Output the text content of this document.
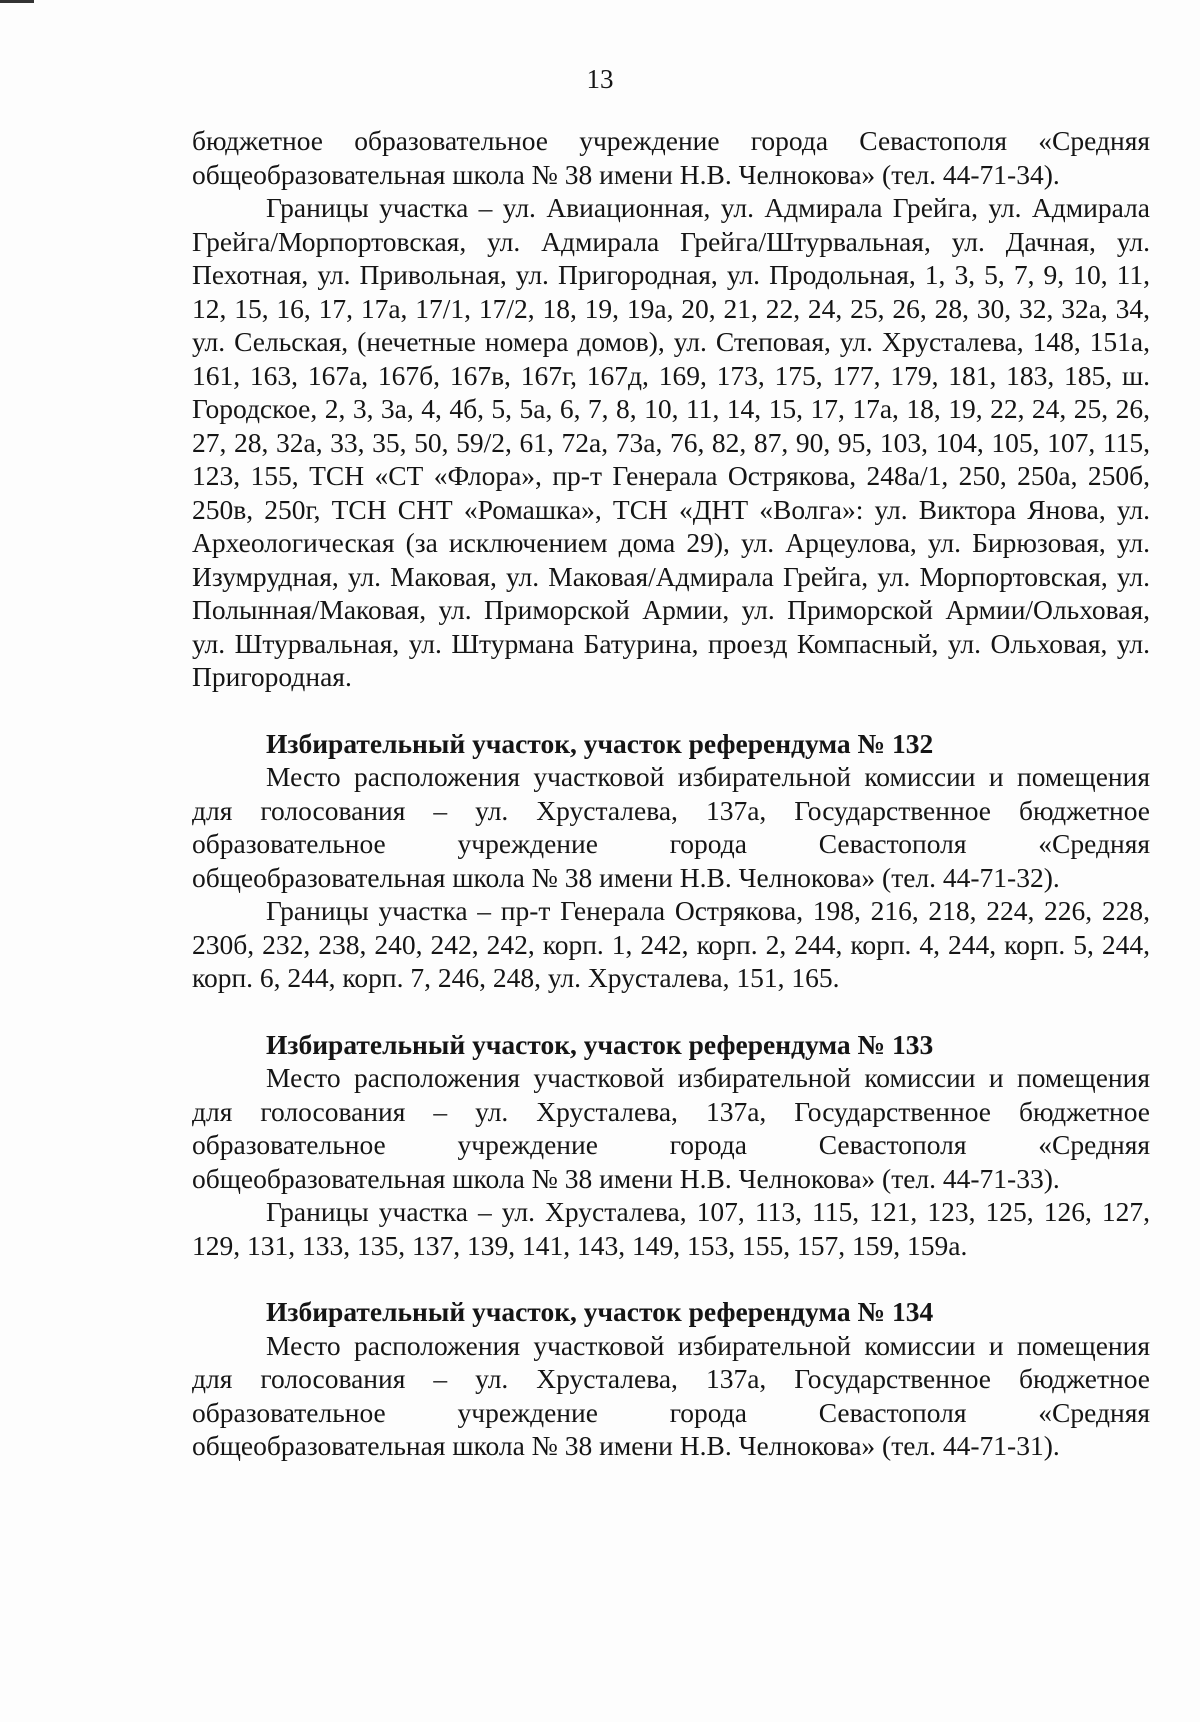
13

бюджетное образовательное учреждение города Севастополя «Средняя общеобразовательная школа № 38 имени Н.В. Челнокова» (тел. 44-71-34).

Границы участка – ул. Авиационная, ул. Адмирала Грейга, ул. Адмирала Грейга/Морпортовская, ул. Адмирала Грейга/Штурвальная, ул. Дачная, ул. Пехотная, ул. Привольная, ул. Пригородная, ул. Продольная, 1, 3, 5, 7, 9, 10, 11, 12, 15, 16, 17, 17а, 17/1, 17/2, 18, 19, 19а, 20, 21, 22, 24, 25, 26, 28, 30, 32, 32а, 34, ул. Сельская, (нечетные номера домов), ул. Степовая, ул. Хрусталева, 148, 151а, 161, 163, 167а, 167б, 167в, 167г, 167д, 169, 173, 175, 177, 179, 181, 183, 185, ш. Городское, 2, 3, 3а, 4, 4б, 5, 5а, 6, 7, 8, 10, 11, 14, 15, 17, 17а, 18, 19, 22, 24, 25, 26, 27, 28, 32а, 33, 35, 50, 59/2, 61, 72а, 73а, 76, 82, 87, 90, 95, 103, 104, 105, 107, 115, 123, 155, ТСН «СТ «Флора», пр-т Генерала Острякова, 248а/1, 250, 250а, 250б, 250в, 250г, ТСН СНТ «Ромашка», ТСН «ДНТ «Волга»: ул. Виктора Янова, ул. Археологическая (за исключением дома 29), ул. Арцеулова, ул. Бирюзовая, ул. Изумрудная, ул. Маковая, ул. Маковая/Адмирала Грейга, ул. Морпортовская, ул. Полынная/Маковая, ул. Приморской Армии, ул. Приморской Армии/Ольховая, ул. Штурвальная, ул. Штурмана Батурина, проезд Компасный, ул. Ольховая, ул. Пригородная.

Избирательный участок, участок референдума № 132

Место расположения участковой избирательной комиссии и помещения для голосования – ул. Хрусталева, 137а, Государственное бюджетное образовательное учреждение города Севастополя «Средняя общеобразовательная школа № 38 имени Н.В. Челнокова» (тел. 44-71-32).

Границы участка – пр-т Генерала Острякова, 198, 216, 218, 224, 226, 228, 230б, 232, 238, 240, 242, 242, корп. 1, 242, корп. 2, 244, корп. 4, 244, корп. 5, 244, корп. 6, 244, корп. 7, 246, 248, ул. Хрусталева, 151, 165.

Избирательный участок, участок референдума № 133

Место расположения участковой избирательной комиссии и помещения для голосования – ул. Хрусталева, 137а, Государственное бюджетное образовательное учреждение города Севастополя «Средняя общеобразовательная школа № 38 имени Н.В. Челнокова» (тел. 44-71-33).

Границы участка – ул. Хрусталева, 107, 113, 115, 121, 123, 125, 126, 127, 129, 131, 133, 135, 137, 139, 141, 143, 149, 153, 155, 157, 159, 159а.

Избирательный участок, участок референдума № 134

Место расположения участковой избирательной комиссии и помещения для голосования – ул. Хрусталева, 137а, Государственное бюджетное образовательное учреждение города Севастополя «Средняя общеобразовательная школа № 38 имени Н.В. Челнокова» (тел. 44-71-31).
